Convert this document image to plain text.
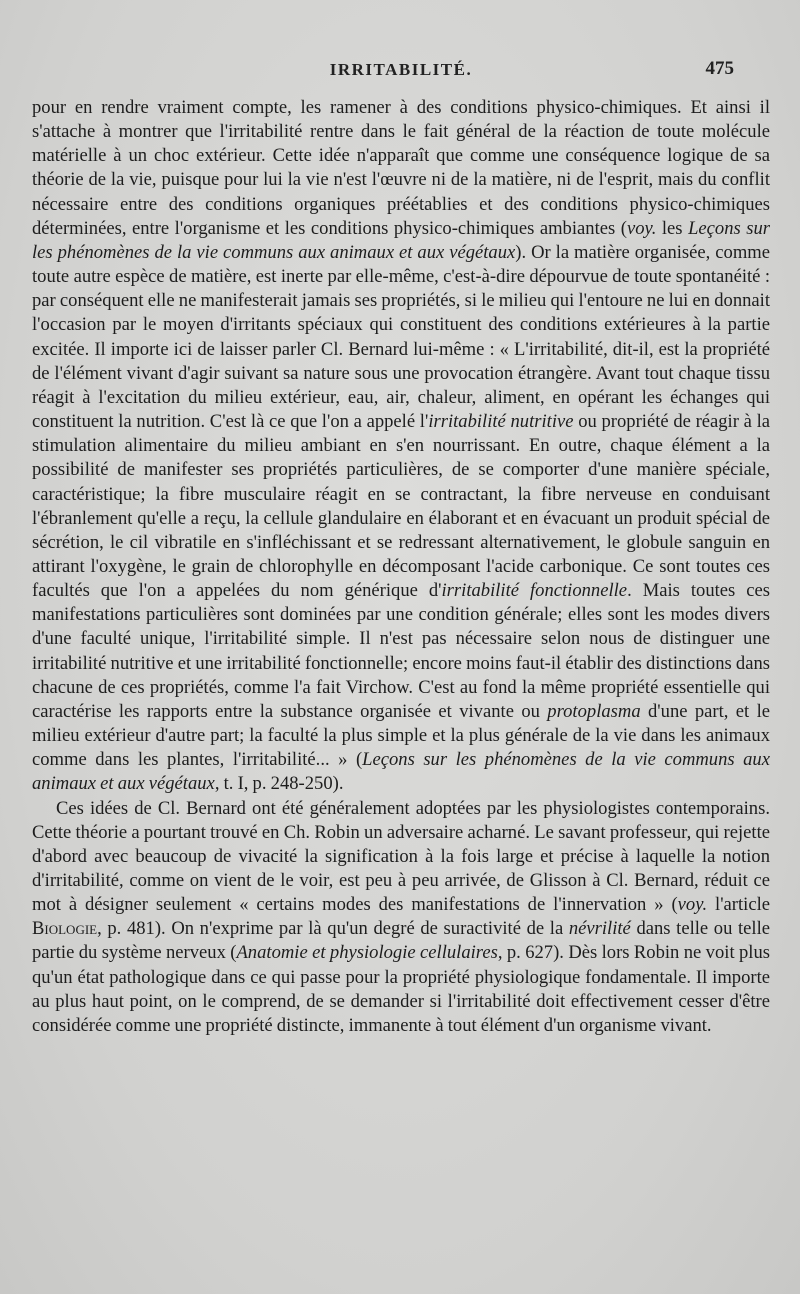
IRRITABILITÉ.	475

pour en rendre vraiment compte, les ramener à des conditions physico-chimiques. Et ainsi il s'attache à montrer que l'irritabilité rentre dans le fait général de la réaction de toute molécule matérielle à un choc extérieur. Cette idée n'apparaît que comme une conséquence logique de sa théorie de la vie, puisque pour lui la vie n'est l'œuvre ni de la matière, ni de l'esprit, mais du conflit nécessaire entre des conditions organiques préétablies et des conditions physico-chimiques déterminées, entre l'organisme et les conditions physico-chimiques ambiantes (voy. les Leçons sur les phénomènes de la vie communs aux animaux et aux végétaux). Or la matière organisée, comme toute autre espèce de matière, est inerte par elle-même, c'est-à-dire dépourvue de toute spontanéité : par conséquent elle ne manifesterait jamais ses propriétés, si le milieu qui l'entoure ne lui en donnait l'occasion par le moyen d'irritants spéciaux qui constituent des conditions extérieures à la partie excitée. Il importe ici de laisser parler Cl. Bernard lui-même : « L'irritabilité, dit-il, est la propriété de l'élément vivant d'agir suivant sa nature sous une provocation étrangère. Avant tout chaque tissu réagit à l'excitation du milieu extérieur, eau, air, chaleur, aliment, en opérant les échanges qui constituent la nutrition. C'est là ce que l'on a appelé l'irritabilité nutritive ou propriété de réagir à la stimulation alimentaire du milieu ambiant en s'en nourrissant. En outre, chaque élément a la possibilité de manifester ses propriétés particulières, de se comporter d'une manière spéciale, caractéristique; la fibre musculaire réagit en se contractant, la fibre nerveuse en conduisant l'ébranlement qu'elle a reçu, la cellule glandulaire en élaborant et en évacuant un produit spécial de sécrétion, le cil vibratile en s'infléchissant et se redressant alternativement, le globule sanguin en attirant l'oxygène, le grain de chlorophylle en décomposant l'acide carbonique. Ce sont toutes ces facultés que l'on a appelées du nom générique d'irritabilité fonctionnelle. Mais toutes ces manifestations particulières sont dominées par une condition générale; elles sont les modes divers d'une faculté unique, l'irritabilité simple. Il n'est pas nécessaire selon nous de distinguer une irritabilité nutritive et une irritabilité fonctionnelle; encore moins faut-il établir des distinctions dans chacune de ces propriétés, comme l'a fait Virchow. C'est au fond la même propriété essentielle qui caractérise les rapports entre la substance organisée et vivante ou protoplasma d'une part, et le milieu extérieur d'autre part; la faculté la plus simple et la plus générale de la vie dans les animaux comme dans les plantes, l'irritabilité... » (Leçons sur les phénomènes de la vie communs aux animaux et aux végétaux, t. I, p. 248-250).

Ces idées de Cl. Bernard ont été généralement adoptées par les physiologistes contemporains. Cette théorie a pourtant trouvé en Ch. Robin un adversaire acharné. Le savant professeur, qui rejette d'abord avec beaucoup de vivacité la signification à la fois large et précise à laquelle la notion d'irritabilité, comme on vient de le voir, est peu à peu arrivée, de Glisson à Cl. Bernard, réduit ce mot à désigner seulement « certains modes des manifestations de l'innervation » (voy. l'article Biologie, p. 481). On n'exprime par là qu'un degré de suractivité de la névrilité dans telle ou telle partie du système nerveux (Anatomie et physiologie cellulaires, p. 627). Dès lors Robin ne voit plus qu'un état pathologique dans ce qui passe pour la propriété physiologique fondamentale. Il importe au plus haut point, on le comprend, de se demander si l'irritabilité doit effectivement cesser d'être considérée comme une propriété distincte, immanente à tout élément d'un organisme vivant.
